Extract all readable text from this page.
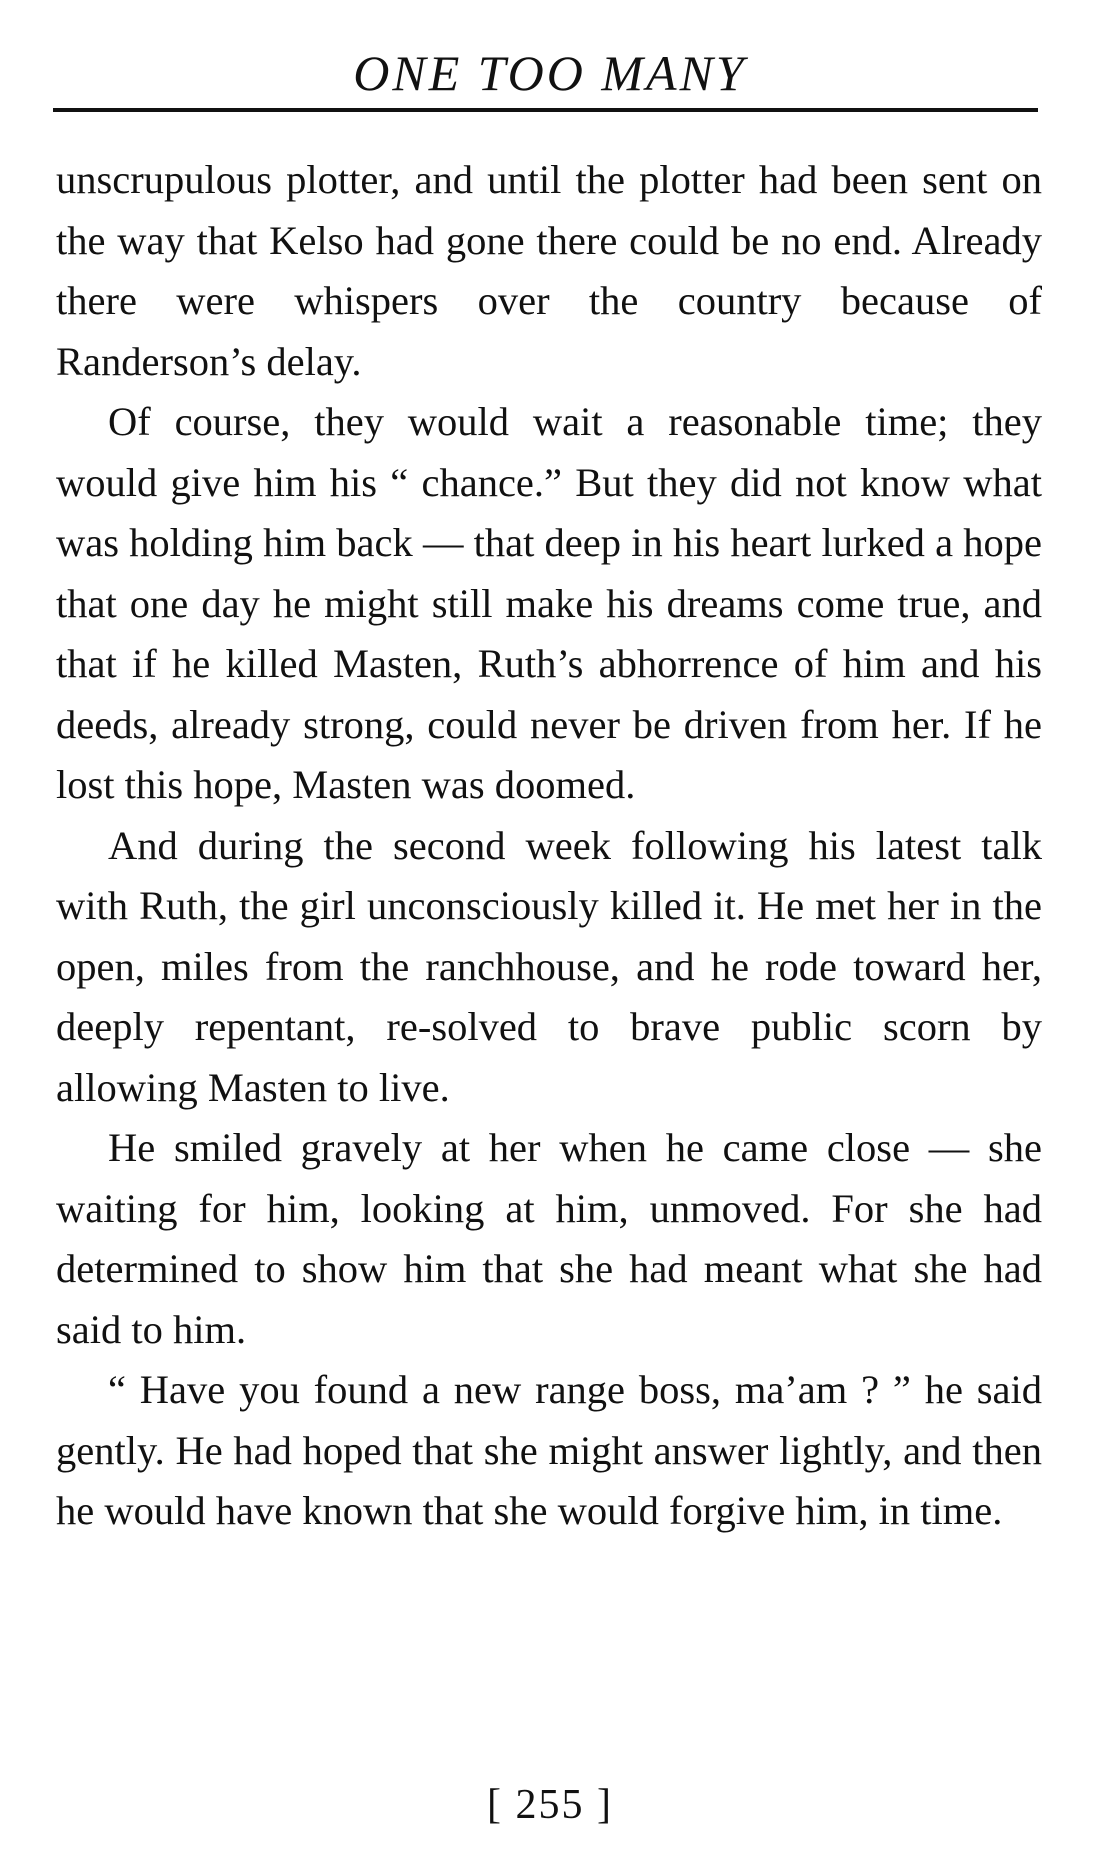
ONE TOO MANY

unscrupulous plotter, and until the plotter had been sent on the way that Kelso had gone there could be no end. Already there were whispers over the country because of Randerson’s delay.

Of course, they would wait a reasonable time; they would give him his “ chance.” But they did not know what was holding him back — that deep in his heart lurked a hope that one day he might still make his dreams come true, and that if he killed Masten, Ruth’s abhorrence of him and his deeds, already strong, could never be driven from her. If he lost this hope, Masten was doomed.

And during the second week following his latest talk with Ruth, the girl unconsciously killed it. He met her in the open, miles from the ranchhouse, and he rode toward her, deeply repentant, re-solved to brave public scorn by allowing Masten to live.

He smiled gravely at her when he came close — she waiting for him, looking at him, unmoved. For she had determined to show him that she had meant what she had said to him.

“ Have you found a new range boss, ma’am ? ” he said gently. He had hoped that she might answer lightly, and then he would have known that she would forgive him, in time.

[ 255 ]
